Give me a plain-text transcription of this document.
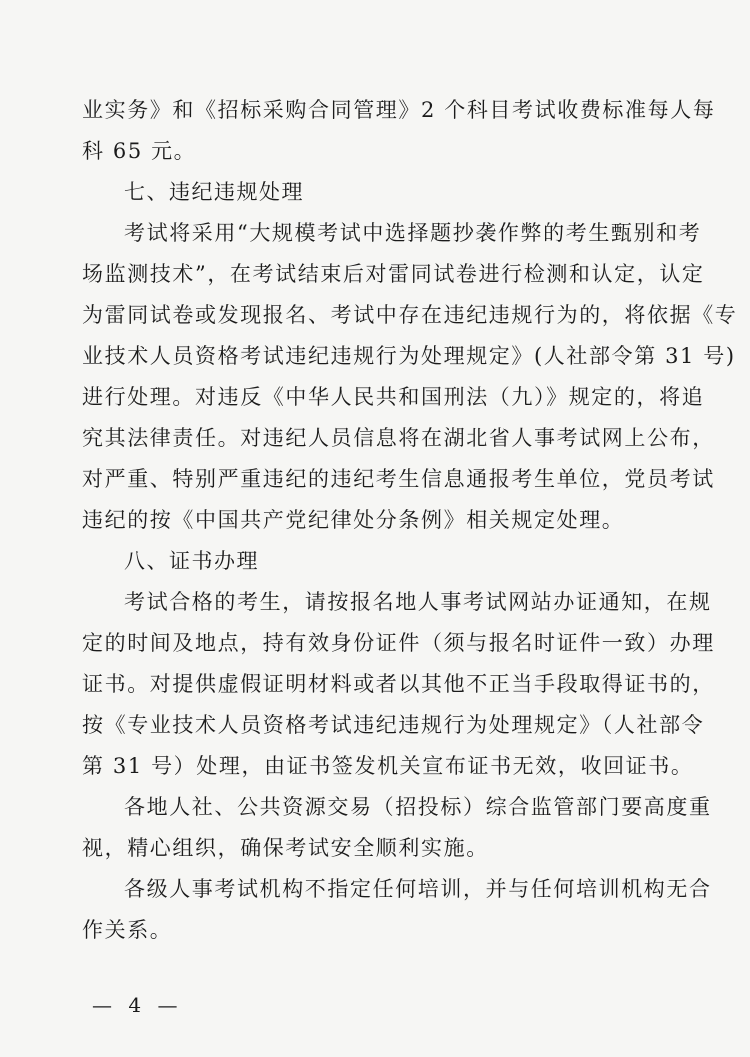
业实务》和《招标采购合同管理》2 个科目考试收费标准每人每
科 65 元。
七、违纪违规处理
考试将采用“大规模考试中选择题抄袭作弊的考生甄别和考
场监测技术”，在考试结束后对雷同试卷进行检测和认定，认定
为雷同试卷或发现报名、考试中存在违纪违规行为的，将依据《专
业技术人员资格考试违纪违规行为处理规定》(人社部令第 31 号)
进行处理。对违反《中华人民共和国刑法（九）》规定的，将追
究其法律责任。对违纪人员信息将在湖北省人事考试网上公布，
对严重、特别严重违纪的违纪考生信息通报考生单位，党员考试
违纪的按《中国共产党纪律处分条例》相关规定处理。
八、证书办理
考试合格的考生，请按报名地人事考试网站办证通知，在规
定的时间及地点，持有效身份证件（须与报名时证件一致）办理
证书。对提供虚假证明材料或者以其他不正当手段取得证书的，
按《专业技术人员资格考试违纪违规行为处理规定》（人社部令
第 31 号）处理，由证书签发机关宣布证书无效，收回证书。
各地人社、公共资源交易（招投标）综合监管部门要高度重
视，精心组织，确保考试安全顺利实施。
各级人事考试机构不指定任何培训，并与任何培训机构无合
作关系。
— 4 —
